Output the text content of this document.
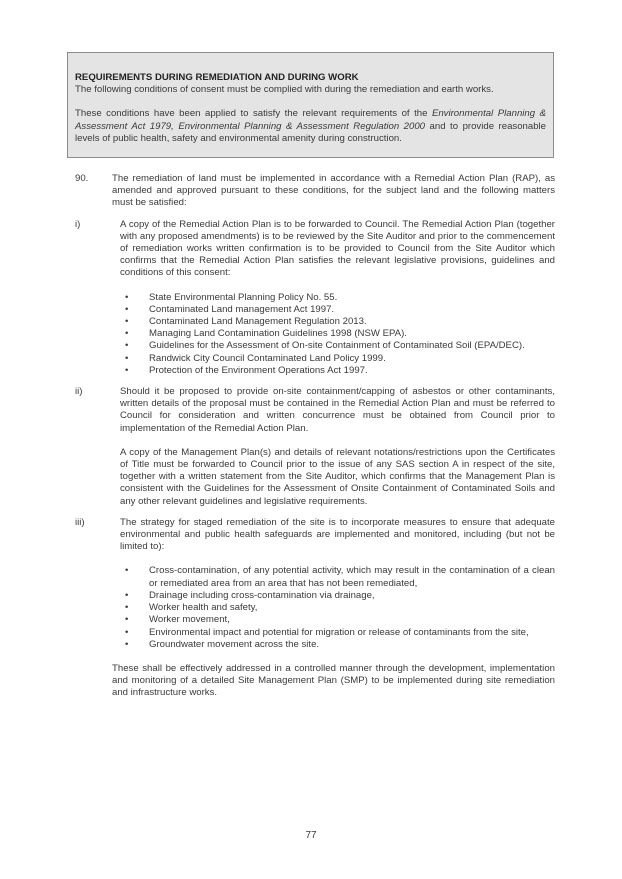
REQUIREMENTS DURING REMEDIATION AND DURING WORK

The following conditions of consent must be complied with during the remediation and earth works.

These conditions have been applied to satisfy the relevant requirements of the Environmental Planning & Assessment Act 1979, Environmental Planning & Assessment Regulation 2000 and to provide reasonable levels of public health, safety and environmental amenity during construction.

90. The remediation of land must be implemented in accordance with a Remedial Action Plan (RAP), as amended and approved pursuant to these conditions, for the subject land and the following matters must be satisfied:
i)	A copy of the Remedial Action Plan is to be forwarded to Council. The Remedial Action Plan (together with any proposed amendments) is to be reviewed by the Site Auditor and prior to the commencement of remediation works written confirmation is to be provided to Council from the Site Auditor which confirms that the Remedial Action Plan satisfies the relevant legislative provisions, guidelines and conditions of this consent:
• State Environmental Planning Policy No. 55.
• Contaminated Land management Act 1997.
• Contaminated Land Management Regulation 2013.
• Managing Land Contamination Guidelines 1998 (NSW EPA).
• Guidelines for the Assessment of On-site Containment of Contaminated Soil (EPA/DEC).
• Randwick City Council Contaminated Land Policy 1999.
• Protection of the Environment Operations Act 1997.
ii)	Should it be proposed to provide on-site containment/capping of asbestos or other contaminants, written details of the proposal must be contained in the Remedial Action Plan and must be referred to Council for consideration and written concurrence must be obtained from Council prior to implementation of the Remedial Action Plan.
A copy of the Management Plan(s) and details of relevant notations/restrictions upon the Certificates of Title must be forwarded to Council prior to the issue of any SAS section A in respect of the site, together with a written statement from the Site Auditor, which confirms that the Management Plan is consistent with the Guidelines for the Assessment of Onsite Containment of Contaminated Soils and any other relevant guidelines and legislative requirements.
iii)	The strategy for staged remediation of the site is to incorporate measures to ensure that adequate environmental and public health safeguards are implemented and monitored, including (but not be limited to):
• Cross-contamination, of any potential activity, which may result in the contamination of a clean or remediated area from an area that has not been remediated,
• Drainage including cross-contamination via drainage,
• Worker health and safety,
• Worker movement,
• Environmental impact and potential for migration or release of contaminants from the site,
• Groundwater movement across the site.
These shall be effectively addressed in a controlled manner through the development, implementation and monitoring of a detailed Site Management Plan (SMP) to be implemented during site remediation and infrastructure works.
77
